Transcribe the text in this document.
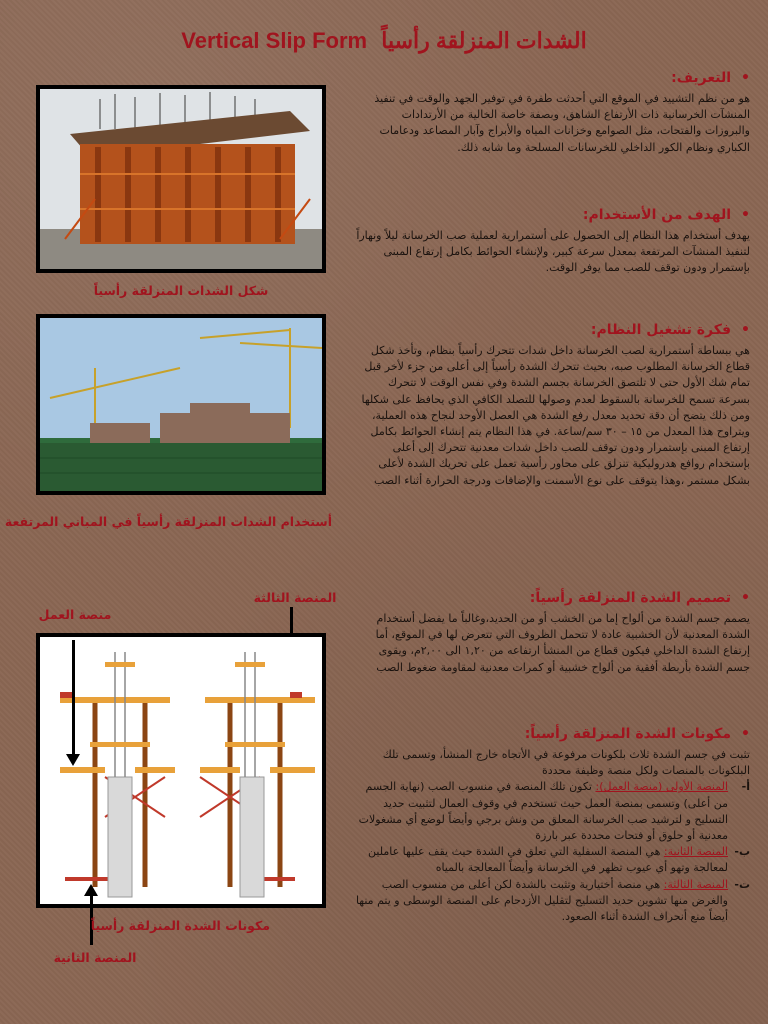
Vertical Slip Form الشدات المنزلقة رأسياً
شكل الشدات المنزلقة رأسياً
أستخدام الشدات المنزلقة رأسياً في المباني المرتفعة
المنصة الثالثة
منصة العمل
مكونات الشدة المنزلقة رأسياً
المنصة الثانية
•التعريف:

هو من نظم التشييد في الموقع التي أحدثت طفرة في توفير الجهد والوقت في تنفيذ المنشآت الخرسانية ذات الأرتفاع الشاهق، وبصفة خاصة الخالية من الأرتدادات والبروزات والفتحات، مثل الصوامع وخزانات المياه والأبراج وآبار المصاعد ودعامات الكباري ونظام الكور الداخلي للخرسانات المسلحة وما شابه ذلك.

•الهدف من الأستخدام:

يهدف أستخدام هذا النظام إلى الحصول على أستمرارية لعملية صب الخرسانة ليلاً ونهاراً لتنفيذ المنشآت المرتفعة بمعدل سرعة كبير، ولإنشاء الحوائط بكامل إرتفاع المبنى بإستمرار ودون توقف للصب مما يوفر الوقت.

•فكرة تشغيل النظام:

هي ببساطة أستمرارية لصب الخرسانة داخل شدات تتحرك رأسياً بنظام، وتأخذ شكل قطاع الخرسانة المطلوب صبه، بحيث تتحرك الشدة رأسياً إلى أعلى من جزء لأخر قبل تمام شك الأول حتى لا تلتصق الخرسانة بجسم الشدة وفي نفس الوقت لا تتحرك بسرعة تسمح للخرسانة بالسقوط لعدم وصولها للتصلد الكافي الذي يحافظ على شكلها ومن ذلك يتضح أن دقة تحديد معدل رفع الشدة هي العصل الأوحد لنجاح هذه العملية، ويتراوح هذا المعدل من ١٥ – ٣٠ سم/ساعة. في هذا النظام يتم إنشاء الحوائط بكامل إرتفاع المبنى بإستمرار ودون توقف للصب داخل شدات معدنية تتحرك إلى أعلى بإستخدام روافع هدروليكية تنزلق على محاور رأسية تعمل على تحريك الشدة لأعلى بشكل مستمر ،وهذا يتوقف على نوع الأسمنت والإضافات ودرجة الحرارة أثناء الصب

•تصميم الشدة المنزلقة رأسياً:

يصمم جسم الشدة من ألواح إما من الخشب أو من الحديد،وغالباً ما يفضل أستخدام الشدة المعدنية لأن الخشبية عادة لا تتحمل الظروف التي تتعرض لها في الموقع، أما إرتفاع الشدة الداخلي فيكون قطاع من المنشأ ارتفاعه من ١,٢٠ الى ٢,٠٠م، ويقوى جسم الشدة بأربطة أفقية من ألواح خشبية أو كمرات معدنية لمقاومة ضغوط الصب

•مكونات الشدة المنزلقة رأسياً:

تثبت في جسم الشدة ثلاث بلكونات مرفوعة في الأتجاه خارج المنشأ، وتسمى تلك البلكونات بالمنصات ولكل منصة وظيفة محددة

أ-
المنصة الأولى (منصة العمل): تكون تلك المنصة في منسوب الصب (نهاية الجسم من أعلى) وتسمى بمنصة العمل حيث تستخدم في وقوف العمال لتثبيت حديد التسليح و لترشيد صب الخرسانة المعلق من ونش برجي وأيضاً لوضع أي مشغولات معدنية أو حلوق أو فتحات محددة عبر بارزة
ب-
المنصة الثانية: هي المنصة السفلية التي تعلق في الشدة حيث يقف عليها عاملين لمعالجة وتهو أي عيوب تظهر في الخرسانة وأيضاً المعالجة بالمياه
ت-
المنصة الثالثة: هي منصة أختيارية وتثبت بالشدة لكن أعلى من منسوب الصب والغرض منها تشوين حديد التسليح لتقليل الأزدحام على المنصة الوسطى و يتم منها أيضاً منع أنحراف الشدة أثناء الصعود.
